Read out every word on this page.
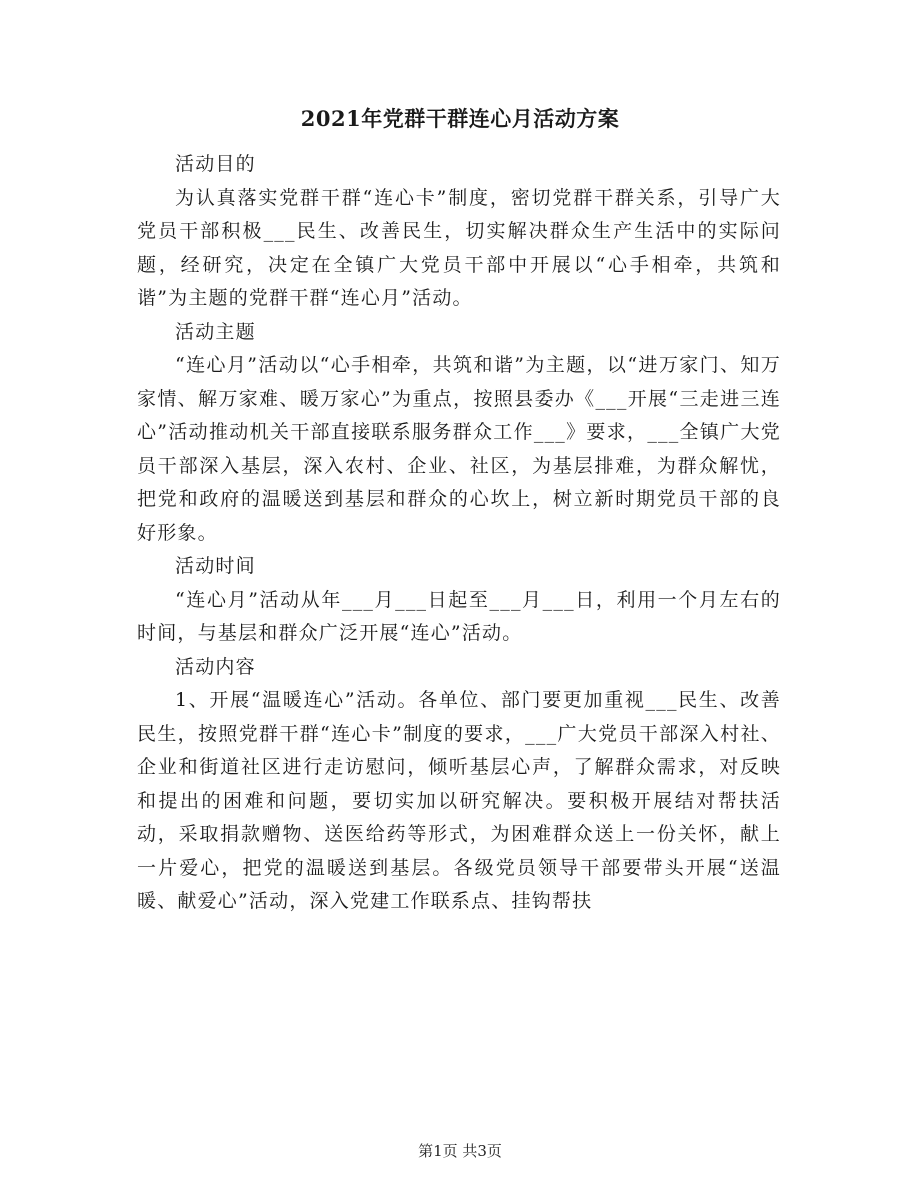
2021年党群干群连心月活动方案

活动目的

为认真落实党群干群“连心卡”制度，密切党群干群关系，引导广大党员干部积极___民生、改善民生，切实解决群众生产生活中的实际问题，经研究，决定在全镇广大党员干部中开展以“心手相牵，共筑和谐”为主题的党群干群“连心月”活动。

活动主题

“连心月”活动以“心手相牵，共筑和谐”为主题，以“进万家门、知万家情、解万家难、暖万家心”为重点，按照县委办《___开展“三走进三连心”活动推动机关干部直接联系服务群众工作___》要求，___全镇广大党员干部深入基层，深入农村、企业、社区，为基层排难，为群众解忧，把党和政府的温暖送到基层和群众的心坎上，树立新时期党员干部的良好形象。

活动时间

“连心月”活动从年___月___日起至___月___日，利用一个月左右的时间，与基层和群众广泛开展“连心”活动。

活动内容

1、开展“温暖连心”活动。各单位、部门要更加重视___民生、改善民生，按照党群干群“连心卡”制度的要求，___广大党员干部深入村社、企业和街道社区进行走访慰问，倾听基层心声，了解群众需求，对反映和提出的困难和问题，要切实加以研究解决。要积极开展结对帮扶活动，采取捐款赠物、送医给药等形式，为困难群众送上一份关怀，献上一片爱心，把党的温暖送到基层。各级党员领导干部要带头开展“送温暖、献爱心”活动，深入党建工作联系点、挂钩帮扶

第1页 共3页
